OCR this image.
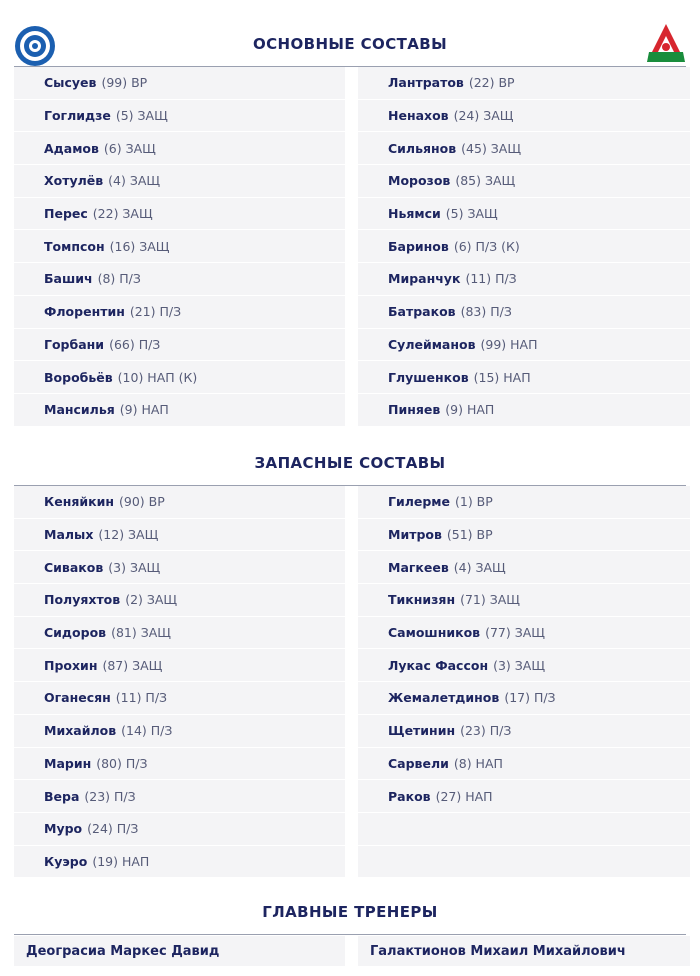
ОСНОВНЫЕ СОСТАВЫ
Сысуев (99) ВР
Гоглидзе (5) ЗАЩ
Адамов (6) ЗАЩ
Хотулёв (4) ЗАЩ
Перес (22) ЗАЩ
Томпсон (16) ЗАЩ
Башич (8) П/З
Флорентин (21) П/З
Горбани (66) П/З
Воробьёв (10) НАП (К)
Мансилья (9) НАП
Лантратов (22) ВР
Ненахов (24) ЗАЩ
Сильянов (45) ЗАЩ
Морозов (85) ЗАЩ
Ньямси (5) ЗАЩ
Баринов (6) П/З (К)
Миранчук (11) П/З
Батраков (83) П/З
Сулейманов (99) НАП
Глушенков (15) НАП
Пиняев (9) НАП
ЗАПАСНЫЕ СОСТАВЫ
Кеняйкин (90) ВР
Малых (12) ЗАЩ
Сиваков (3) ЗАЩ
Полуяхтов (2) ЗАЩ
Сидоров (81) ЗАЩ
Прохин (87) ЗАЩ
Оганесян (11) П/З
Михайлов (14) П/З
Марин (80) П/З
Вера (23) П/З
Муро (24) П/З
Куэро (19) НАП
Гилерме (1) ВР
Митров (51) ВР
Магкеев (4) ЗАЩ
Тикнизян (71) ЗАЩ
Самошников (77) ЗАЩ
Лукас Фассон (3) ЗАЩ
Жемалетдинов (17) П/З
Щетинин (23) П/З
Сарвели (8) НАП
Раков (27) НАП
ГЛАВНЫЕ ТРЕНЕРЫ
Деограсиа Маркес Давид	Галактионов Михаил Михайлович
